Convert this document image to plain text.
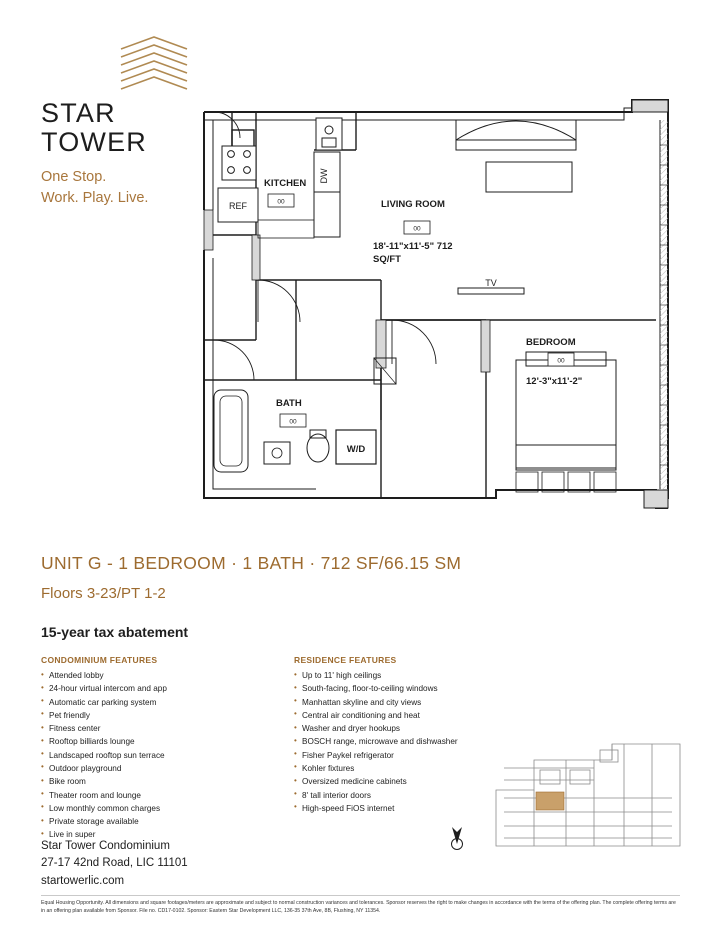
STAR
TOWER
One Stop.
Work. Play. Live.	REF
DW
TV
W/D
KITCHEN
00	LIVING ROOM
00
18'-11"x11'-5" 712
SQ/FT
BEDROOM
00
12'-3"x11'-2"
BATH
00
UNIT G - 1 BEDROOM · 1 BATH · 712 SF/66.15 SM
Floors 3-23/PT 1-2
15-year tax abatement
CONDOMINIUM FEATURES
• Attended lobby
• 24-hour virtual intercom and app
• Automatic car parking system
• Pet friendly
• Fitness center
• Rooftop billiards lounge
• Landscaped rooftop sun terrace
• Outdoor playground
• Bike room
• Theater room and lounge
• Low monthly common charges
• Private storage available
• Live in super
RESIDENCE FEATURES
• Up to 11' high ceilings
• South-facing, floor-to-ceiling windows
• Manhattan skyline and city views
• Central air conditioning and heat
• Washer and dryer hookups
• BOSCH range, microwave and dishwasher
• Fisher Paykel refrigerator
• Kohler fixtures
• Oversized medicine cabinets
• 8' tall interior doors
• High-speed FiOS internet
Star Tower Condominium
27-17 42nd Road, LIC 11101
startowerlic.com
Equal Housing Opportunity. All dimensions and square footages/meters are approximate and subject to normal construction variances and tolerances. Sponsor reserves the right to make changes in accordance with the terms of the offering plan. The complete offering terms are in an offering plan available from Sponsor. File no. CD17-0102. Sponsor: Eastern Star Development LLC, 136-35 37th Ave, 8B, Flushing, NY 11354.
